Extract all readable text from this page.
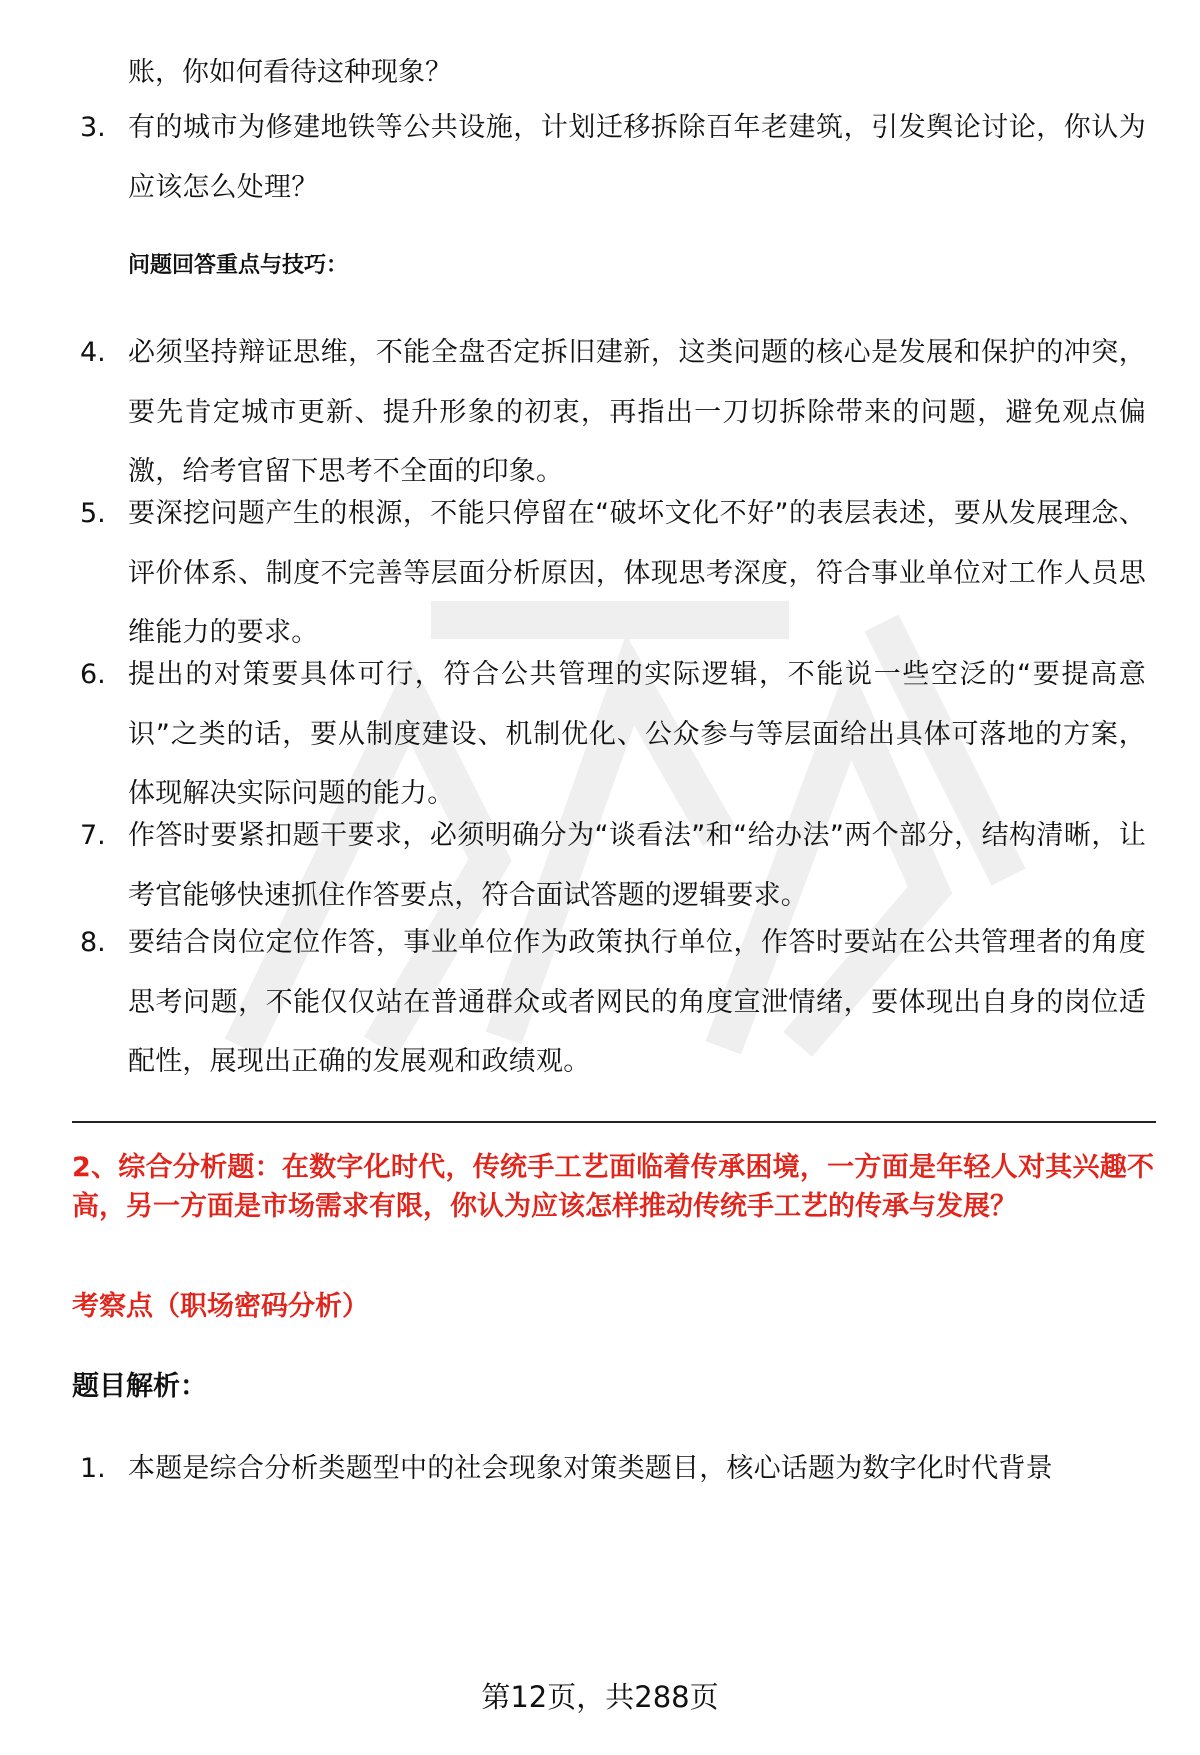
账，你如何看待这种现象？
3. 有的城市为修建地铁等公共设施，计划迁移拆除百年老建筑，引发舆论讨论，你认为应该怎么处理？
问题回答重点与技巧：
4. 必须坚持辩证思维，不能全盘否定拆旧建新，这类问题的核心是发展和保护的冲突，要先肯定城市更新、提升形象的初衷，再指出一刀切拆除带来的问题，避免观点偏激，给考官留下思考不全面的印象。
5. 要深挖问题产生的根源，不能只停留在“破坏文化不好”的表层表述，要从发展理念、评价体系、制度不完善等层面分析原因，体现思考深度，符合事业单位对工作人员思维能力的要求。
6. 提出的对策要具体可行，符合公共管理的实际逻辑，不能说一些空泛的“要提高意识”之类的话，要从制度建设、机制优化、公众参与等层面给出具体可落地的方案，体现解决实际问题的能力。
7. 作答时要紧扣题干要求，必须明确分为“谈看法”和“给办法”两个部分，结构清晰，让考官能够快速抓住作答要点，符合面试答题的逻辑要求。
8. 要结合岗位定位作答，事业单位作为政策执行单位，作答时要站在公共管理者的角度思考问题，不能仅仅站在普通群众或者网民的角度宣泄情绪，要体现出自身的岗位适配性，展现出正确的发展观和政绩观。
2、综合分析题：在数字化时代，传统手工艺面临着传承困境，一方面是年轻人对其兴趣不高，另一方面是市场需求有限，你认为应该怎样推动传统手工艺的传承与发展？
考察点（职场密码分析）
题目解析：
1. 本题是综合分析类题型中的社会现象对策类题目，核心话题为数字化时代背景
第12页，共288页
